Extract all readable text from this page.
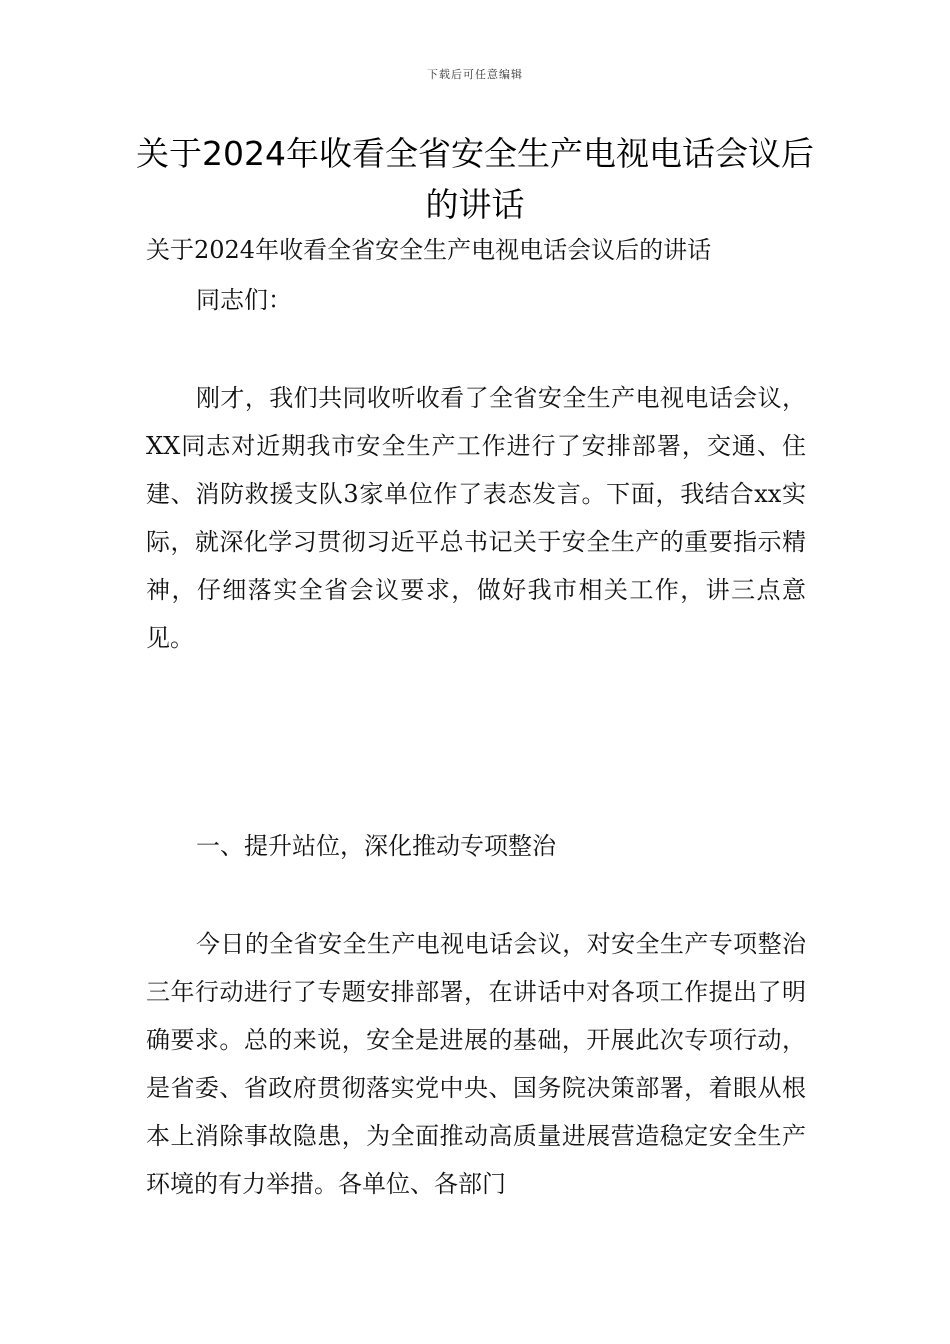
下载后可任意编辑
关于2024年收看全省安全生产电视电话会议后的讲话

关于2024年收看全省安全生产电视电话会议后的讲话

同志们：

刚才，我们共同收听收看了全省安全生产电视电话会议，XX同志对近期我市安全生产工作进行了安排部署，交通、住建、消防救援支队3家单位作了表态发言。下面，我结合xx实际，就深化学习贯彻习近平总书记关于安全生产的重要指示精神，仔细落实全省会议要求，做好我市相关工作，讲三点意见。

一、提升站位，深化推动专项整治

今日的全省安全生产电视电话会议，对安全生产专项整治三年行动进行了专题安排部署，在讲话中对各项工作提出了明确要求。总的来说，安全是进展的基础，开展此次专项行动，是省委、省政府贯彻落实党中央、国务院决策部署，着眼从根本上消除事故隐患，为全面推动高质量进展营造稳定安全生产环境的有力举措。各单位、各部门
